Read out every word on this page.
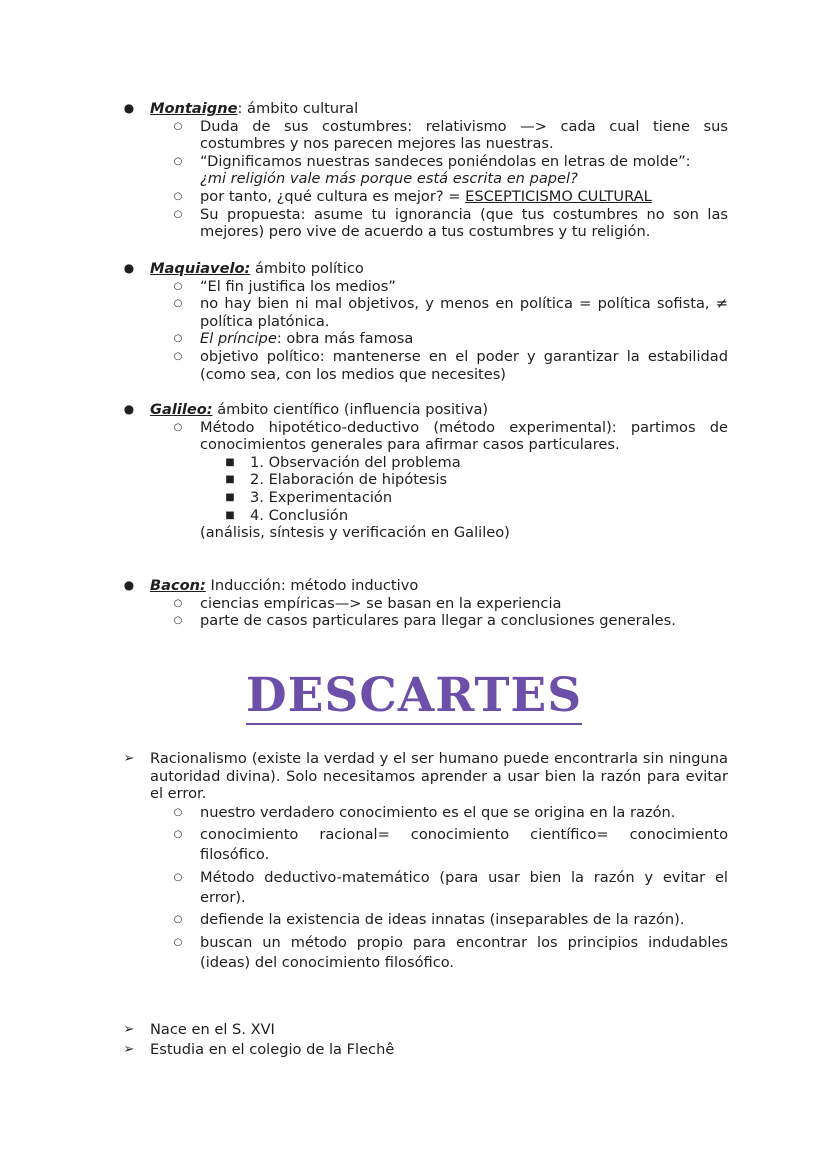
● Montaigne: ámbito cultural
○ Duda de sus costumbres: relativismo —> cada cual tiene sus costumbres y nos parecen mejores las nuestras.
○ “Dignificamos nuestras sandeces poniéndolas en letras de molde”:
¿mi religión vale más porque está escrita en papel?
○ por tanto, ¿qué cultura es mejor? = ESCEPTICISMO CULTURAL
○ Su propuesta: asume tu ignorancia (que tus costumbres no son las mejores) pero vive de acuerdo a tus costumbres y tu religión.
● Maquiavelo: ámbito político
○ “El fin justifica los medios”
○ no hay bien ni mal objetivos, y menos en política = política sofista, ≠ política platónica.
○ El príncipe: obra más famosa
○ objetivo político: mantenerse en el poder y garantizar la estabilidad (como sea, con los medios que necesites)
● Galileo: ámbito científico (influencia positiva)
○ Método hipotético-deductivo (método experimental): partimos de conocimientos generales para afirmar casos particulares.
■ 1. Observación del problema
■ 2. Elaboración de hipótesis
■ 3. Experimentación
■ 4. Conclusión
(análisis, síntesis y verificación en Galileo)
● Bacon: Inducción: método inductivo
○ ciencias empíricas—> se basan en la experiencia
○ parte de casos particulares para llegar a conclusiones generales.
DESCARTES
➢ Racionalismo (existe la verdad y el ser humano puede encontrarla sin ninguna autoridad divina). Solo necesitamos aprender a usar bien la razón para evitar el error.
○ nuestro verdadero conocimiento es el que se origina en la razón.
○ conocimiento racional= conocimiento científico= conocimiento filosófico.
○ Método deductivo-matemático (para usar bien la razón y evitar el error).
○ defiende la existencia de ideas innatas (inseparables de la razón).
○ buscan un método propio para encontrar los principios indudables (ideas) del conocimiento filosófico.
➢ Nace en el S. XVI
➢ Estudia en el colegio de la Flechê
